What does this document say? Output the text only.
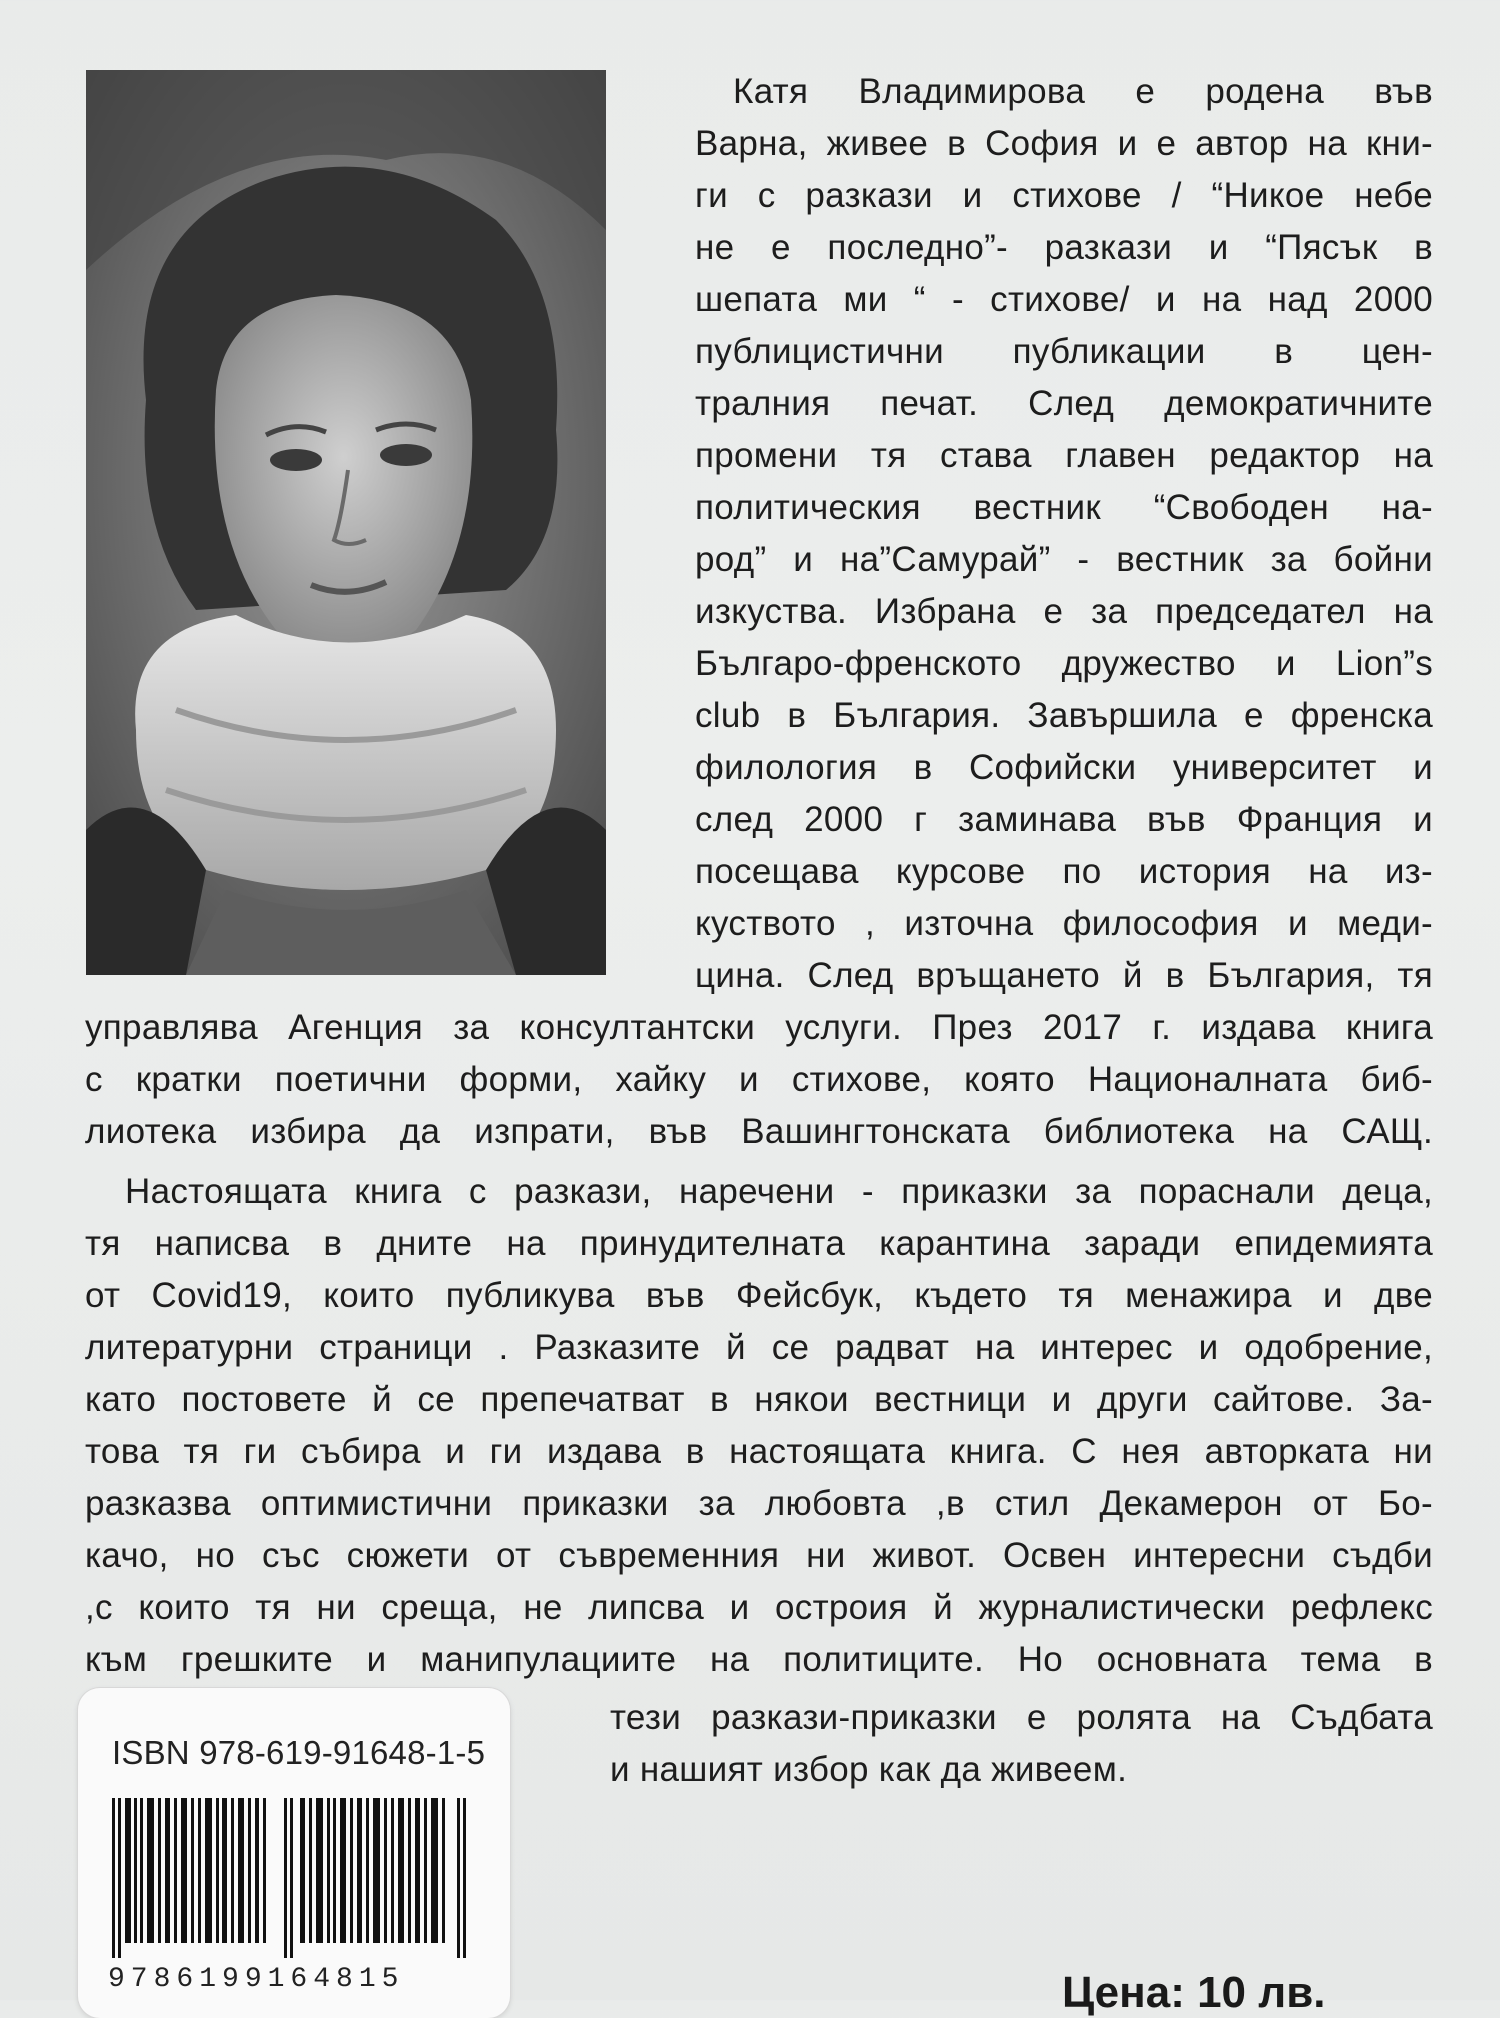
Катя Владимирова е родена във

Варна, живее в София и е автор на кни-

ги с разкази и стихове / “Никое небе

не е последно”- разкази и “Пясък в

шепата ми “ - стихове/ и на над 2000

публицистични публикации в цен-

тралния печат. След демократичните

промени тя става главен редактор на

политическия вестник “Свободен на-

род” и на”Самурай” - вестник за бойни

изкуства. Избрана е за председател на

Българо-френското дружество и Lion”s

club в България. Завършила е френска

филология в Софийски университет и

след 2000 г заминава във Франция и

посещава курсове по история на из-

куството , източна философия и меди-

цина. След връщането й в България, тя

управлява Агенция за консултантски услуги. През 2017 г. издава книга

с кратки поетични форми, хайку и стихове, която Националната биб-

лиотека избира да изпрати, във Вашингтонската библиотека на САЩ.

Настоящата книга с разкази, наречени - приказки за пораснали деца,

тя написва в дните на принудителната карантина заради епидемията

от Covid19, които публикува във Фейсбук, където тя менажира и две

литературни страници . Разказите й се радват на интерес и одобрение,

като постовете й се препечатват в някои вестници и други сайтове. За-

това тя ги събира и ги издава в настоящата книга. С нея авторката ни

разказва оптимистични приказки за любовта ,в стил Декамерон от Бо-

качо, но със сюжети от съвременния ни живот. Освен интересни съдби

,с които тя ни среща, не липсва и остроия й журналистически рефлекс

към грешките и манипулациите на политиците. Но основната тема в

тези разкази-приказки е ролята на Съдбата

и нашият избор как да живеем.

ISBN 978-619-91648-1-5
9786199164815	Цена: 10 лв.
